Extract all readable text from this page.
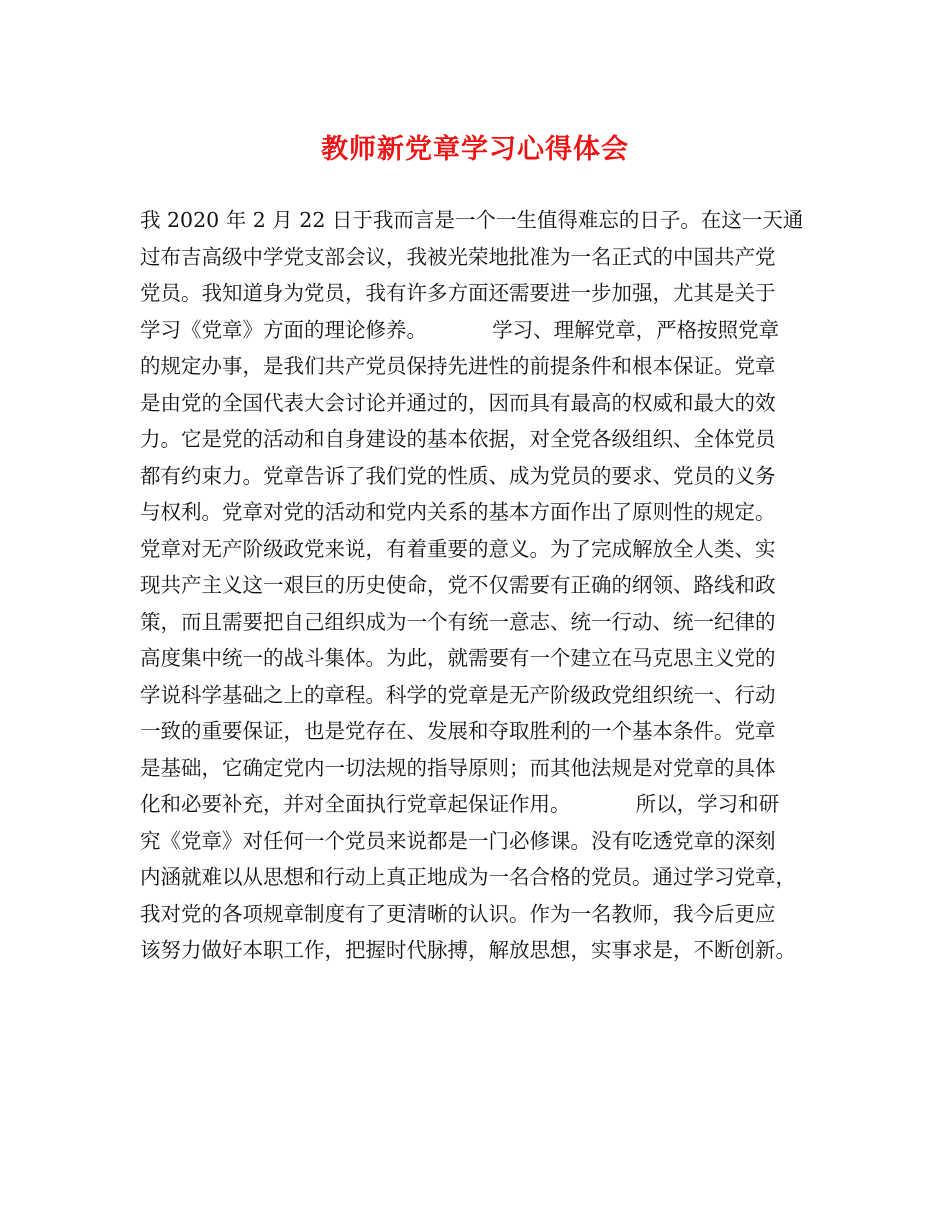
教师新党章学习心得体会
我 2020 年 2 月 22 日于我而言是一个一生值得难忘的日子。在这一天通
过布吉高级中学党支部会议，我被光荣地批准为一名正式的中国共产党
党员。我知道身为党员，我有许多方面还需要进一步加强，尤其是关于
学习《党章》方面的理论修养。          学习、理解党章，严格按照党章
的规定办事，是我们共产党员保持先进性的前提条件和根本保证。党章
是由党的全国代表大会讨论并通过的，因而具有最高的权威和最大的效
力。它是党的活动和自身建设的基本依据，对全党各级组织、全体党员
都有约束力。党章告诉了我们党的性质、成为党员的要求、党员的义务
与权利。党章对党的活动和党内关系的基本方面作出了原则性的规定。
党章对无产阶级政党来说，有着重要的意义。为了完成解放全人类、实
现共产主义这一艰巨的历史使命，党不仅需要有正确的纲领、路线和政
策，而且需要把自己组织成为一个有统一意志、统一行动、统一纪律的
高度集中统一的战斗集体。为此，就需要有一个建立在马克思主义党的
学说科学基础之上的章程。科学的党章是无产阶级政党组织统一、行动
一致的重要保证，也是党存在、发展和夺取胜利的一个基本条件。党章
是基础，它确定党内一切法规的指导原则；而其他法规是对党章的具体
化和必要补充，并对全面执行党章起保证作用。          所以，学习和研
究《党章》对任何一个党员来说都是一门必修课。没有吃透党章的深刻
内涵就难以从思想和行动上真正地成为一名合格的党员。通过学习党章，
我对党的各项规章制度有了更清晰的认识。作为一名教师，我今后更应
该努力做好本职工作，把握时代脉搏，解放思想，实事求是，不断创新。
